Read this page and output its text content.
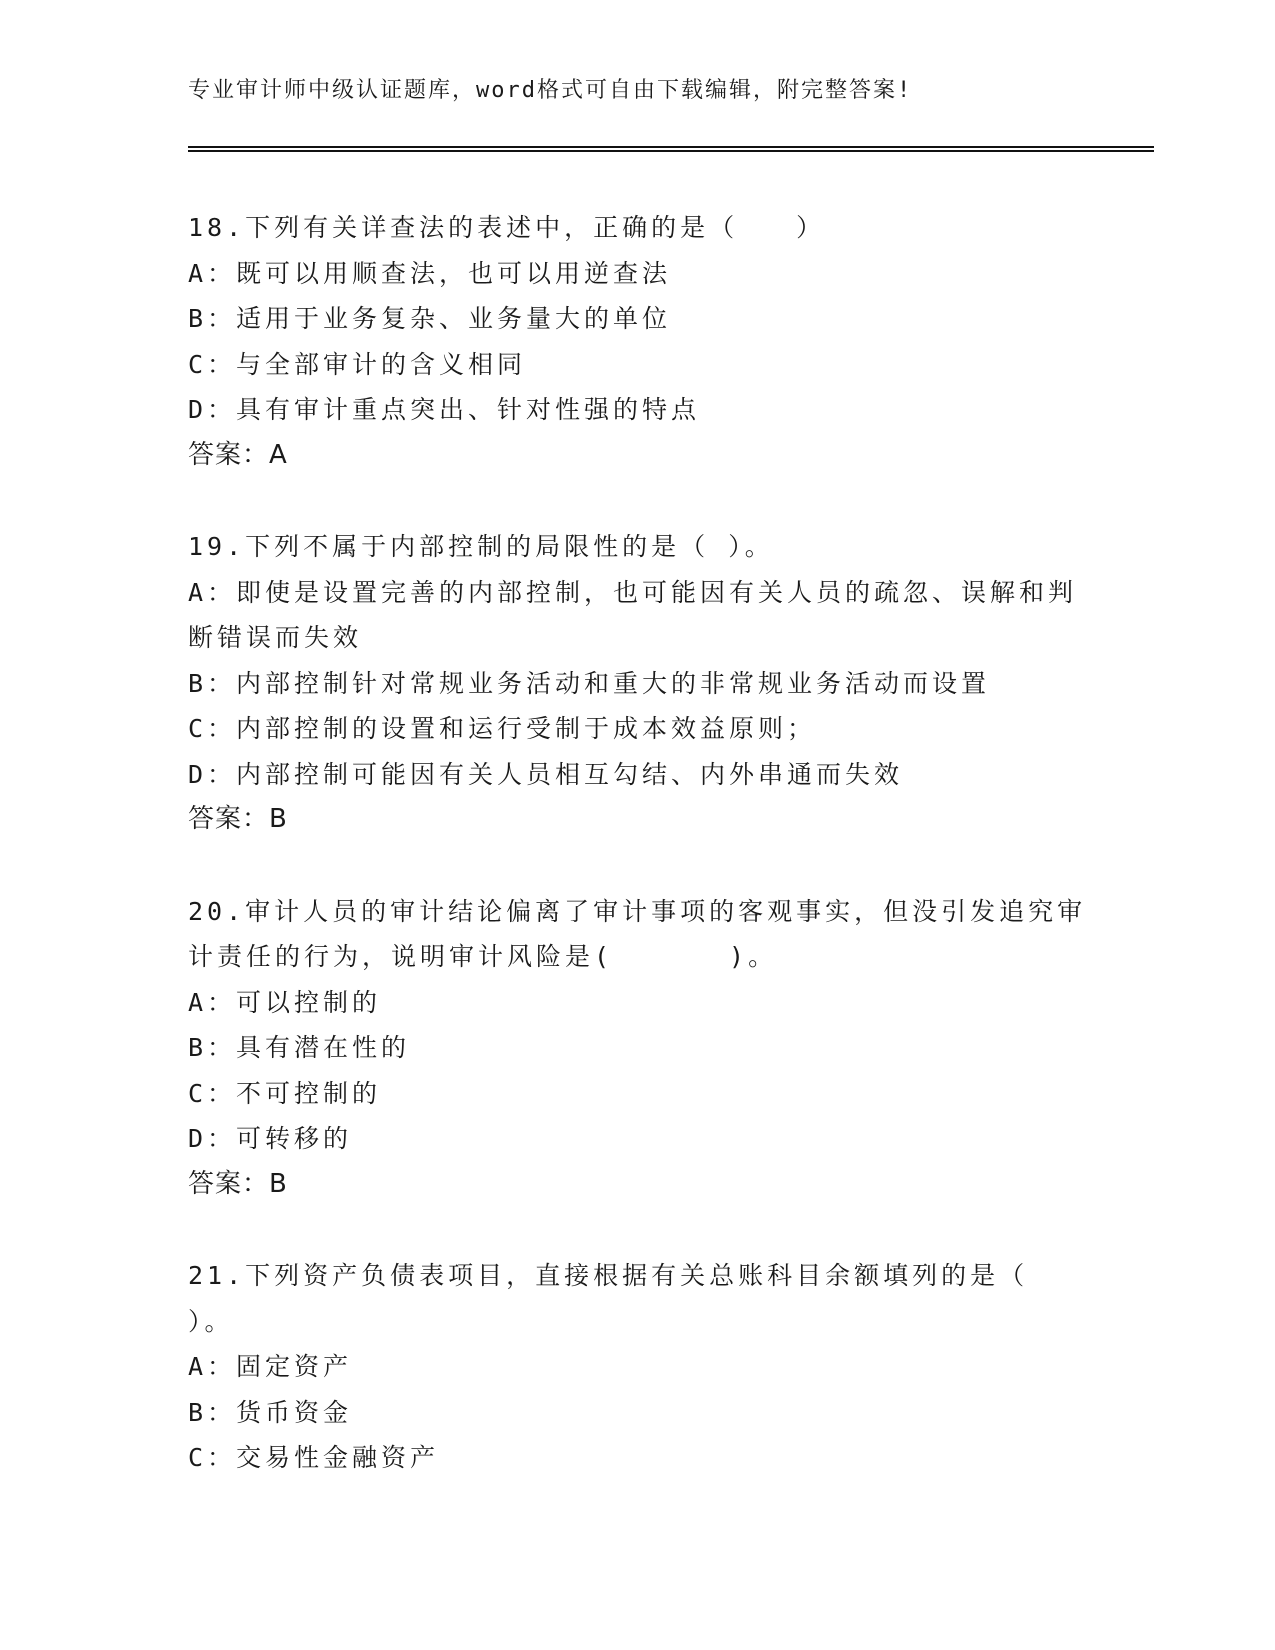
专业审计师中级认证题库，word格式可自由下载编辑，附完整答案!
18.下列有关详查法的表述中，正确的是（　　）
A：既可以用顺查法，也可以用逆查法
B：适用于业务复杂、业务量大的单位
C：与全部审计的含义相同
D：具有审计重点突出、针对性强的特点
答案：A
19.下列不属于内部控制的局限性的是（ ）。
A：即使是设置完善的内部控制，也可能因有关人员的疏忽、误解和判断错误而失效
B：内部控制针对常规业务活动和重大的非常规业务活动而设置
C：内部控制的设置和运行受制于成本效益原则；
D：内部控制可能因有关人员相互勾结、内外串通而失效
答案：B
20.审计人员的审计结论偏离了审计事项的客观事实，但没引发追究审计责任的行为，说明审计风险是(　　　　)。
A：可以控制的
B：具有潜在性的
C：不可控制的
D：可转移的
答案：B
21.下列资产负债表项目，直接根据有关总账科目余额填列的是（ ）。
A：固定资产
B：货币资金
C：交易性金融资产
